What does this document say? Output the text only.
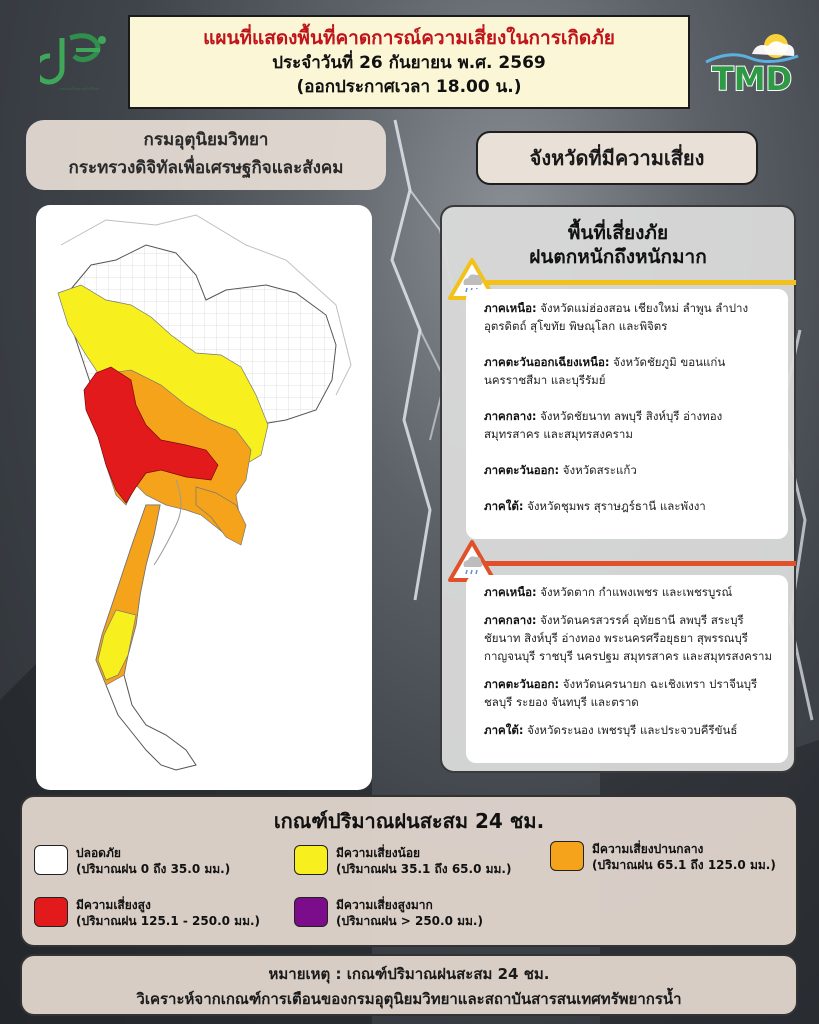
กรมส่งเสริมเศรษฐกิจดิจิทัล
แผนที่แสดงพื้นที่คาดการณ์ความเสี่ยงในการเกิดภัย
ประจำวันที่ 26 กันยายน พ.ศ. 2569
(ออกประกาศเวลา 18.00 น.)	TMD
กรมอุตุนิยมวิทยา
กระทรวงดิจิทัลเพื่อเศรษฐกิจและสังคม	จังหวัดที่มีความเสี่ยง
พื้นที่เสี่ยงภัย
ฝนตกหนักถึงหนักมาก

ภาคเหนือ: จังหวัดแม่ฮ่องสอน เชียงใหม่ ลำพูน ลำปาง อุตรดิตถ์ สุโขทัย พิษณุโลก และพิจิตร

ภาคตะวันออกเฉียงเหนือ: จังหวัดชัยภูมิ ขอนแก่น นครราชสีมา และบุรีรัมย์

ภาคกลาง: จังหวัดชัยนาท ลพบุรี สิงห์บุรี อ่างทอง สมุทรสาคร และสมุทรสงคราม

ภาคตะวันออก: จังหวัดสระแก้ว

ภาคใต้: จังหวัดชุมพร สุราษฎร์ธานี และพังงา

ภาคเหนือ: จังหวัดตาก กำแพงเพชร และเพชรบูรณ์

ภาคกลาง: จังหวัดนครสวรรค์ อุทัยธานี ลพบุรี สระบุรี ชัยนาท สิงห์บุรี อ่างทอง พระนครศรีอยุธยา สุพรรณบุรี กาญจนบุรี ราชบุรี นครปฐม สมุทรสาคร และสมุทรสงคราม

ภาคตะวันออก: จังหวัดนครนายก ฉะเชิงเทรา ปราจีนบุรี ชลบุรี ระยอง จันทบุรี และตราด

ภาคใต้: จังหวัดระนอง เพชรบุรี และประจวบคีรีขันธ์

เกณฑ์ปริมาณฝนสะสม 24 ชม.
ปลอดภัย
(ปริมาณฝน 0 ถึง 35.0 มม.)
มีความเสี่ยงน้อย
(ปริมาณฝน 35.1 ถึง 65.0 มม.)
มีความเสี่ยงปานกลาง
(ปริมาณฝน 65.1 ถึง 125.0 มม.)
มีความเสี่ยงสูง
(ปริมาณฝน 125.1 - 250.0 มม.)
มีความเสี่ยงสูงมาก
(ปริมาณฝน > 250.0 มม.)
หมายเหตุ : เกณฑ์ปริมาณฝนสะสม 24 ชม.
วิเคราะห์จากเกณฑ์การเตือนของกรมอุตุนิยมวิทยาและสถาบันสารสนเทศทรัพยากรน้ำ
